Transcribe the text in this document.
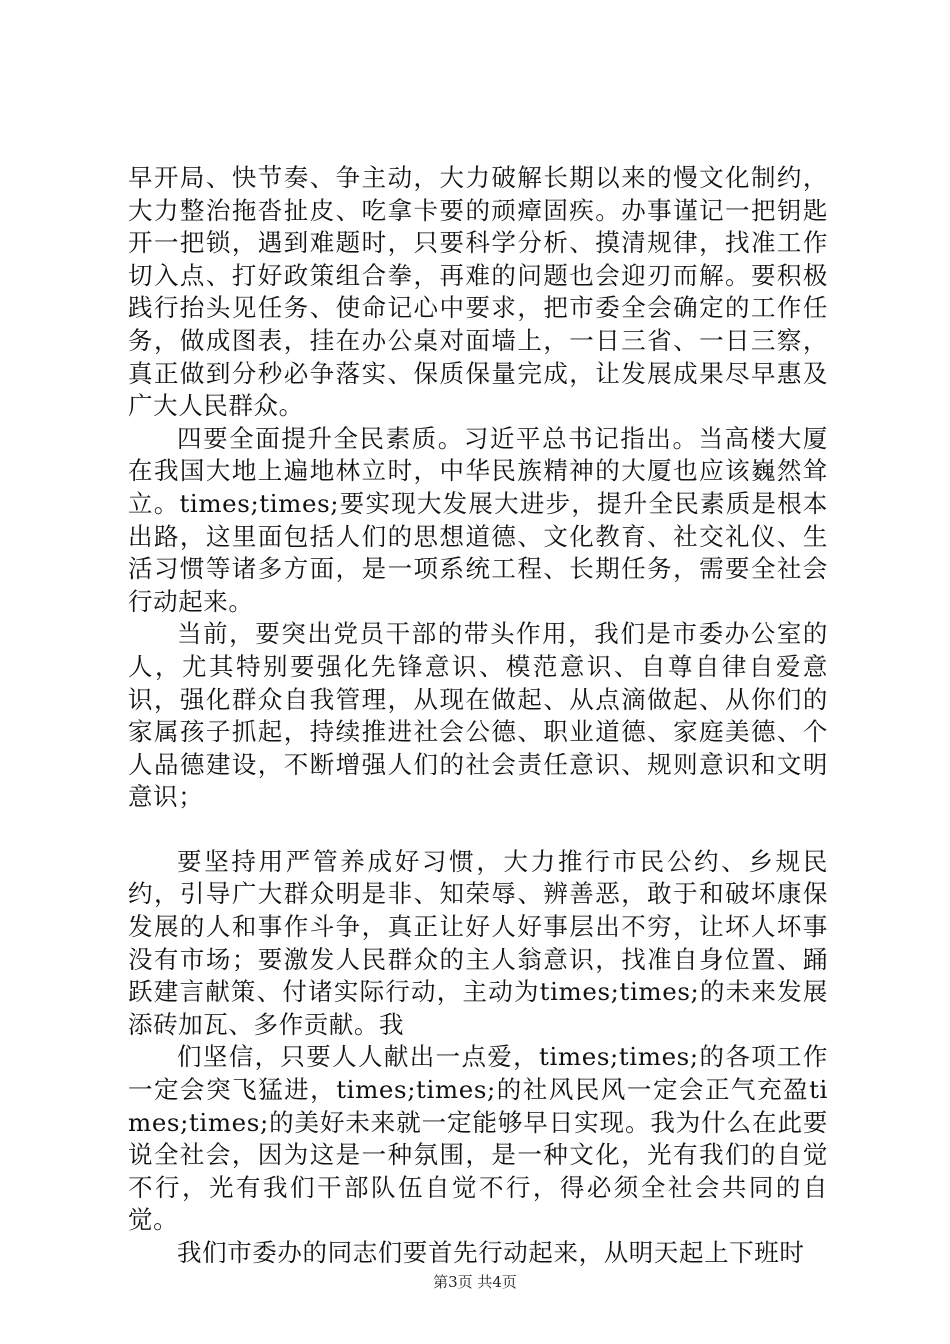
早开局、快节奏、争主动，大力破解长期以来的慢文化制约，大力整治拖沓扯皮、吃拿卡要的顽瘴固疾。办事谨记一把钥匙开一把锁，遇到难题时，只要科学分析、摸清规律，找准工作切入点、打好政策组合拳，再难的问题也会迎刃而解。要积极践行抬头见任务、使命记心中要求，把市委全会确定的工作任务，做成图表，挂在办公桌对面墙上，一日三省、一日三察，真正做到分秒必争落实、保质保量完成，让发展成果尽早惠及广大人民群众。

四要全面提升全民素质。习近平总书记指出。当高楼大厦在我国大地上遍地林立时，中华民族精神的大厦也应该巍然耸立。times;times;要实现大发展大进步，提升全民素质是根本出路，这里面包括人们的思想道德、文化教育、社交礼仪、生活习惯等诸多方面，是一项系统工程、长期任务，需要全社会行动起来。

当前，要突出党员干部的带头作用，我们是市委办公室的人，尤其特别要强化先锋意识、模范意识、自尊自律自爱意识，强化群众自我管理，从现在做起、从点滴做起、从你们的家属孩子抓起，持续推进社会公德、职业道德、家庭美德、个人品德建设，不断增强人们的社会责任意识、规则意识和文明意识；

要坚持用严管养成好习惯，大力推行市民公约、乡规民约，引导广大群众明是非、知荣辱、辨善恶，敢于和破坏康保发展的人和事作斗争，真正让好人好事层出不穷，让坏人坏事没有市场；要激发人民群众的主人翁意识，找准自身位置、踊跃建言献策、付诸实际行动，主动为times;times;的未来发展添砖加瓦、多作贡献。我

们坚信，只要人人献出一点爱，times;times;的各项工作一定会突飞猛进，times;times;的社风民风一定会正气充盈times;times;的美好未来就一定能够早日实现。我为什么在此要说全社会，因为这是一种氛围，是一种文化，光有我们的自觉不行，光有我们干部队伍自觉不行，得必须全社会共同的自觉。

我们市委办的同志们要首先行动起来，从明天起上下班时

第3页 共4页
